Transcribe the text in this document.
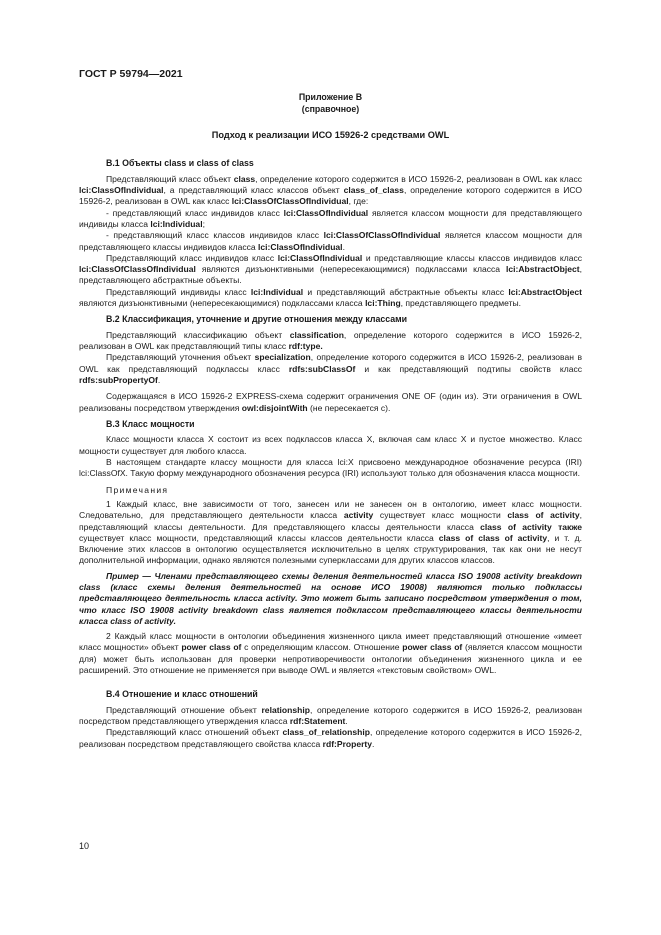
ГОСТ Р 59794—2021
Приложение В
(справочное)
Подход к реализации ИСО 15926-2 средствами OWL
В.1 Объекты class и class of class

Представляющий класс объект class, определение которого содержится в ИСО 15926-2, реализован в OWL как класс lci:ClassOfIndividual, а представляющий класс классов объект class_of_class, определение которого содержится в ИСО 15926-2, реализован в OWL как класс lci:ClassOfClassOfIndividual, где:

- представляющий класс индивидов класс lci:ClassOfIndividual является классом мощности для представляющего индивиды класса lci:Individual;

- представляющий класс классов индивидов класс lci:ClassOfClassOfIndividual является классом мощности для представляющего классы индивидов класса lci:ClassOfIndividual.

Представляющий класс индивидов класс lci:ClassOfIndividual и представляющие классы классов индивидов класс lci:ClassOfClassOfIndividual являются дизъюнктивными (непересекающимися) подклассами класса lci:AbstractObject, представляющего абстрактные объекты.

Представляющий индивиды класс lci:Individual и представляющий абстрактные объекты класс lci:AbstractObject являются дизъюнктивными (непересекающимися) подклассами класса lci:Thing, представляющего предметы.

В.2 Классификация, уточнение и другие отношения между классами

Представляющий классификацию объект classification, определение которого содержится в ИСО 15926-2, реализован в OWL как представляющий типы класс rdf:type.

Представляющий уточнения объект specialization, определение которого содержится в ИСО 15926-2, реализован в OWL как представляющий подклассы класс rdfs:subClassOf и как представляющий подтипы свойств класс rdfs:subPropertyOf.

Содержащаяся в ИСО 15926-2 EXPRESS-схема содержит ограничения ONE OF (один из). Эти ограничения в OWL реализованы посредством утверждения owl:disjointWith (не пересекается с).

В.3 Класс мощности

Класс мощности класса X состоит из всех подклассов класса X, включая сам класс X и пустое множество. Класс мощности существует для любого класса.

В настоящем стандарте классу мощности для класса lci:X присвоено международное обозначение ресурса (IRI) lci:ClassOfX. Такую форму международного обозначения ресурса (IRI) используют только для обозначения класса мощности.

Примечания

1 Каждый класс, вне зависимости от того, занесен или не занесен он в онтологию, имеет класс мощности. Следовательно, для представляющего деятельности класса activity существует класс мощности class of activity, представляющий классы деятельности. Для представляющего классы деятельности класса class of activity также существует класс мощности, представляющий классы классов деятельности класса class of class of activity, и т. д. Включение этих классов в онтологию осуществляется исключительно в целях структурирования, так как они не несут дополнительной информации, однако являются полезными суперклассами для других классов классов.

Пример — Членами представляющего схемы деления деятельностей класса ISO 19008 activity breakdown class (класс схемы деления деятельностей на основе ИСО 19008) являются только подклассы представляющего деятельность класса activity. Это может быть записано посредством утверждения о том, что класс ISO 19008 activity breakdown class является подклассом представляющего классы деятельности класса class of activity.

2 Каждый класс мощности в онтологии объединения жизненного цикла имеет представляющий отношение «имеет класс мощности» объект power class of с определяющим классом. Отношение power class of (является классом мощности для) может быть использован для проверки непротиворечивости онтологии объединения жизненного цикла и ее расширений. Это отношение не применяется при выводе OWL и является «текстовым свойством» OWL.

В.4 Отношение и класс отношений

Представляющий отношение объект relationship, определение которого содержится в ИСО 15926-2, реализован посредством представляющего утверждения класса rdf:Statement.

Представляющий класс отношений объект class_of_relationship, определение которого содержится в ИСО 15926-2, реализован посредством представляющего свойства класса rdf:Property.

10
